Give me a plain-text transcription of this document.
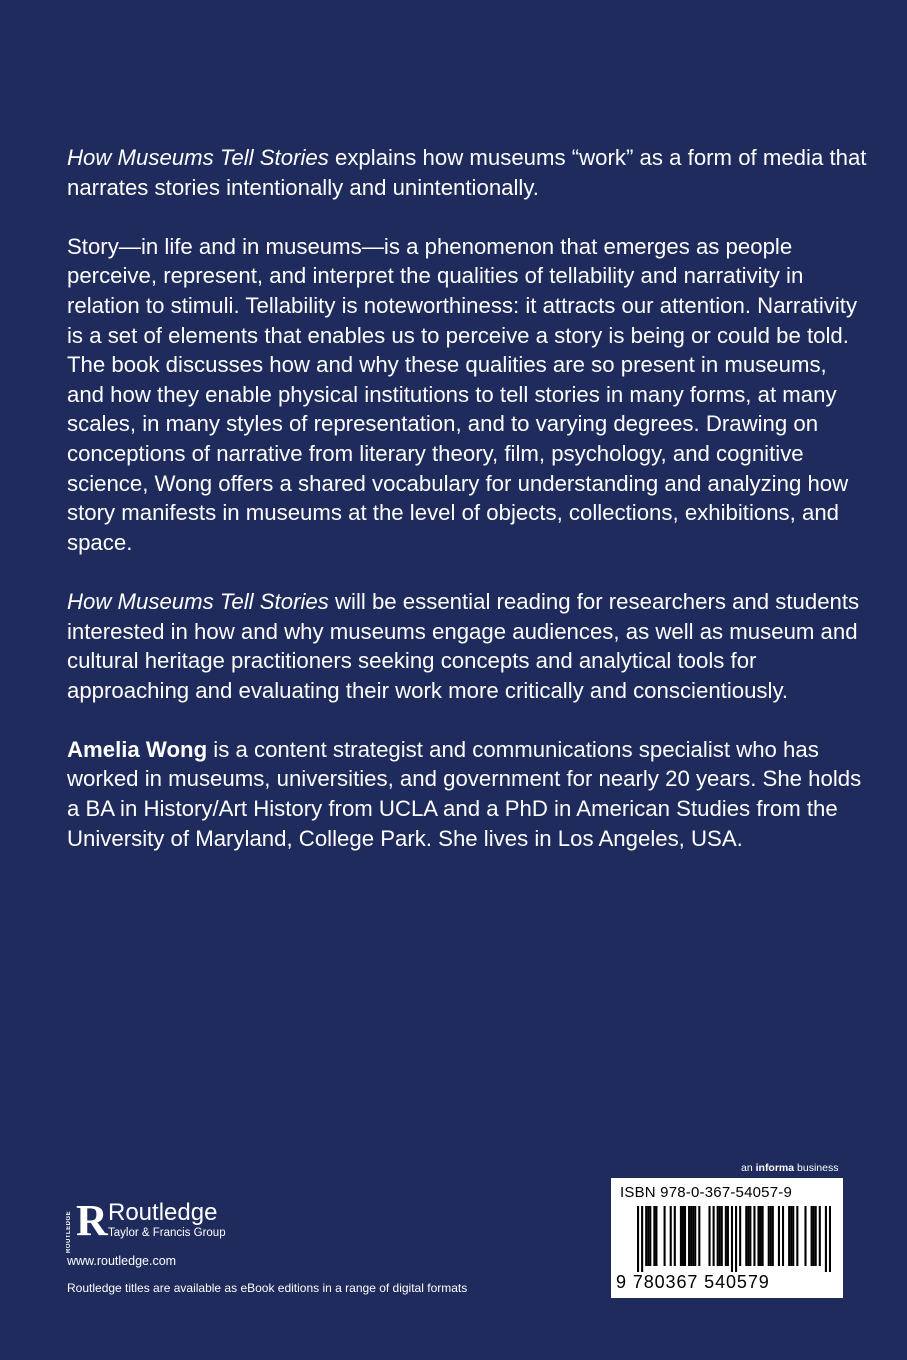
How Museums Tell Stories explains how museums “work” as a form of media that narrates stories intentionally and unintentionally.

Story—in life and in museums—is a phenomenon that emerges as people perceive, represent, and interpret the qualities of tellability and narrativity in relation to stimuli. Tellability is noteworthiness: it attracts our attention. Narrativity is a set of elements that enables us to perceive a story is being or could be told. The book discusses how and why these qualities are so present in museums, and how they enable physical institutions to tell stories in many forms, at many scales, in many styles of representation, and to varying degrees. Drawing on conceptions of narrative from literary theory, film, psychology, and cognitive science, Wong offers a shared vocabulary for understanding and analyzing how story manifests in museums at the level of objects, collections, exhibitions, and space.

How Museums Tell Stories will be essential reading for researchers and students interested in how and why museums engage audiences, as well as museum and cultural heritage practitioners seeking concepts and analytical tools for approaching and evaluating their work more critically and conscientiously.

Amelia Wong is a content strategist and communications specialist who has worked in museums, universities, and government for nearly 20 years. She holds a BA in History/Art History from UCLA and a PhD in American Studies from the University of Maryland, College Park. She lives in Los Angeles, USA.

ROUTLEDGE R Routledge
Taylor & Francis Group
www.routledge.com
Routledge titles are available as eBook editions in a range of digital formats
an informa business
ISBN 978-0-367-54057-9
9 780367 540579
